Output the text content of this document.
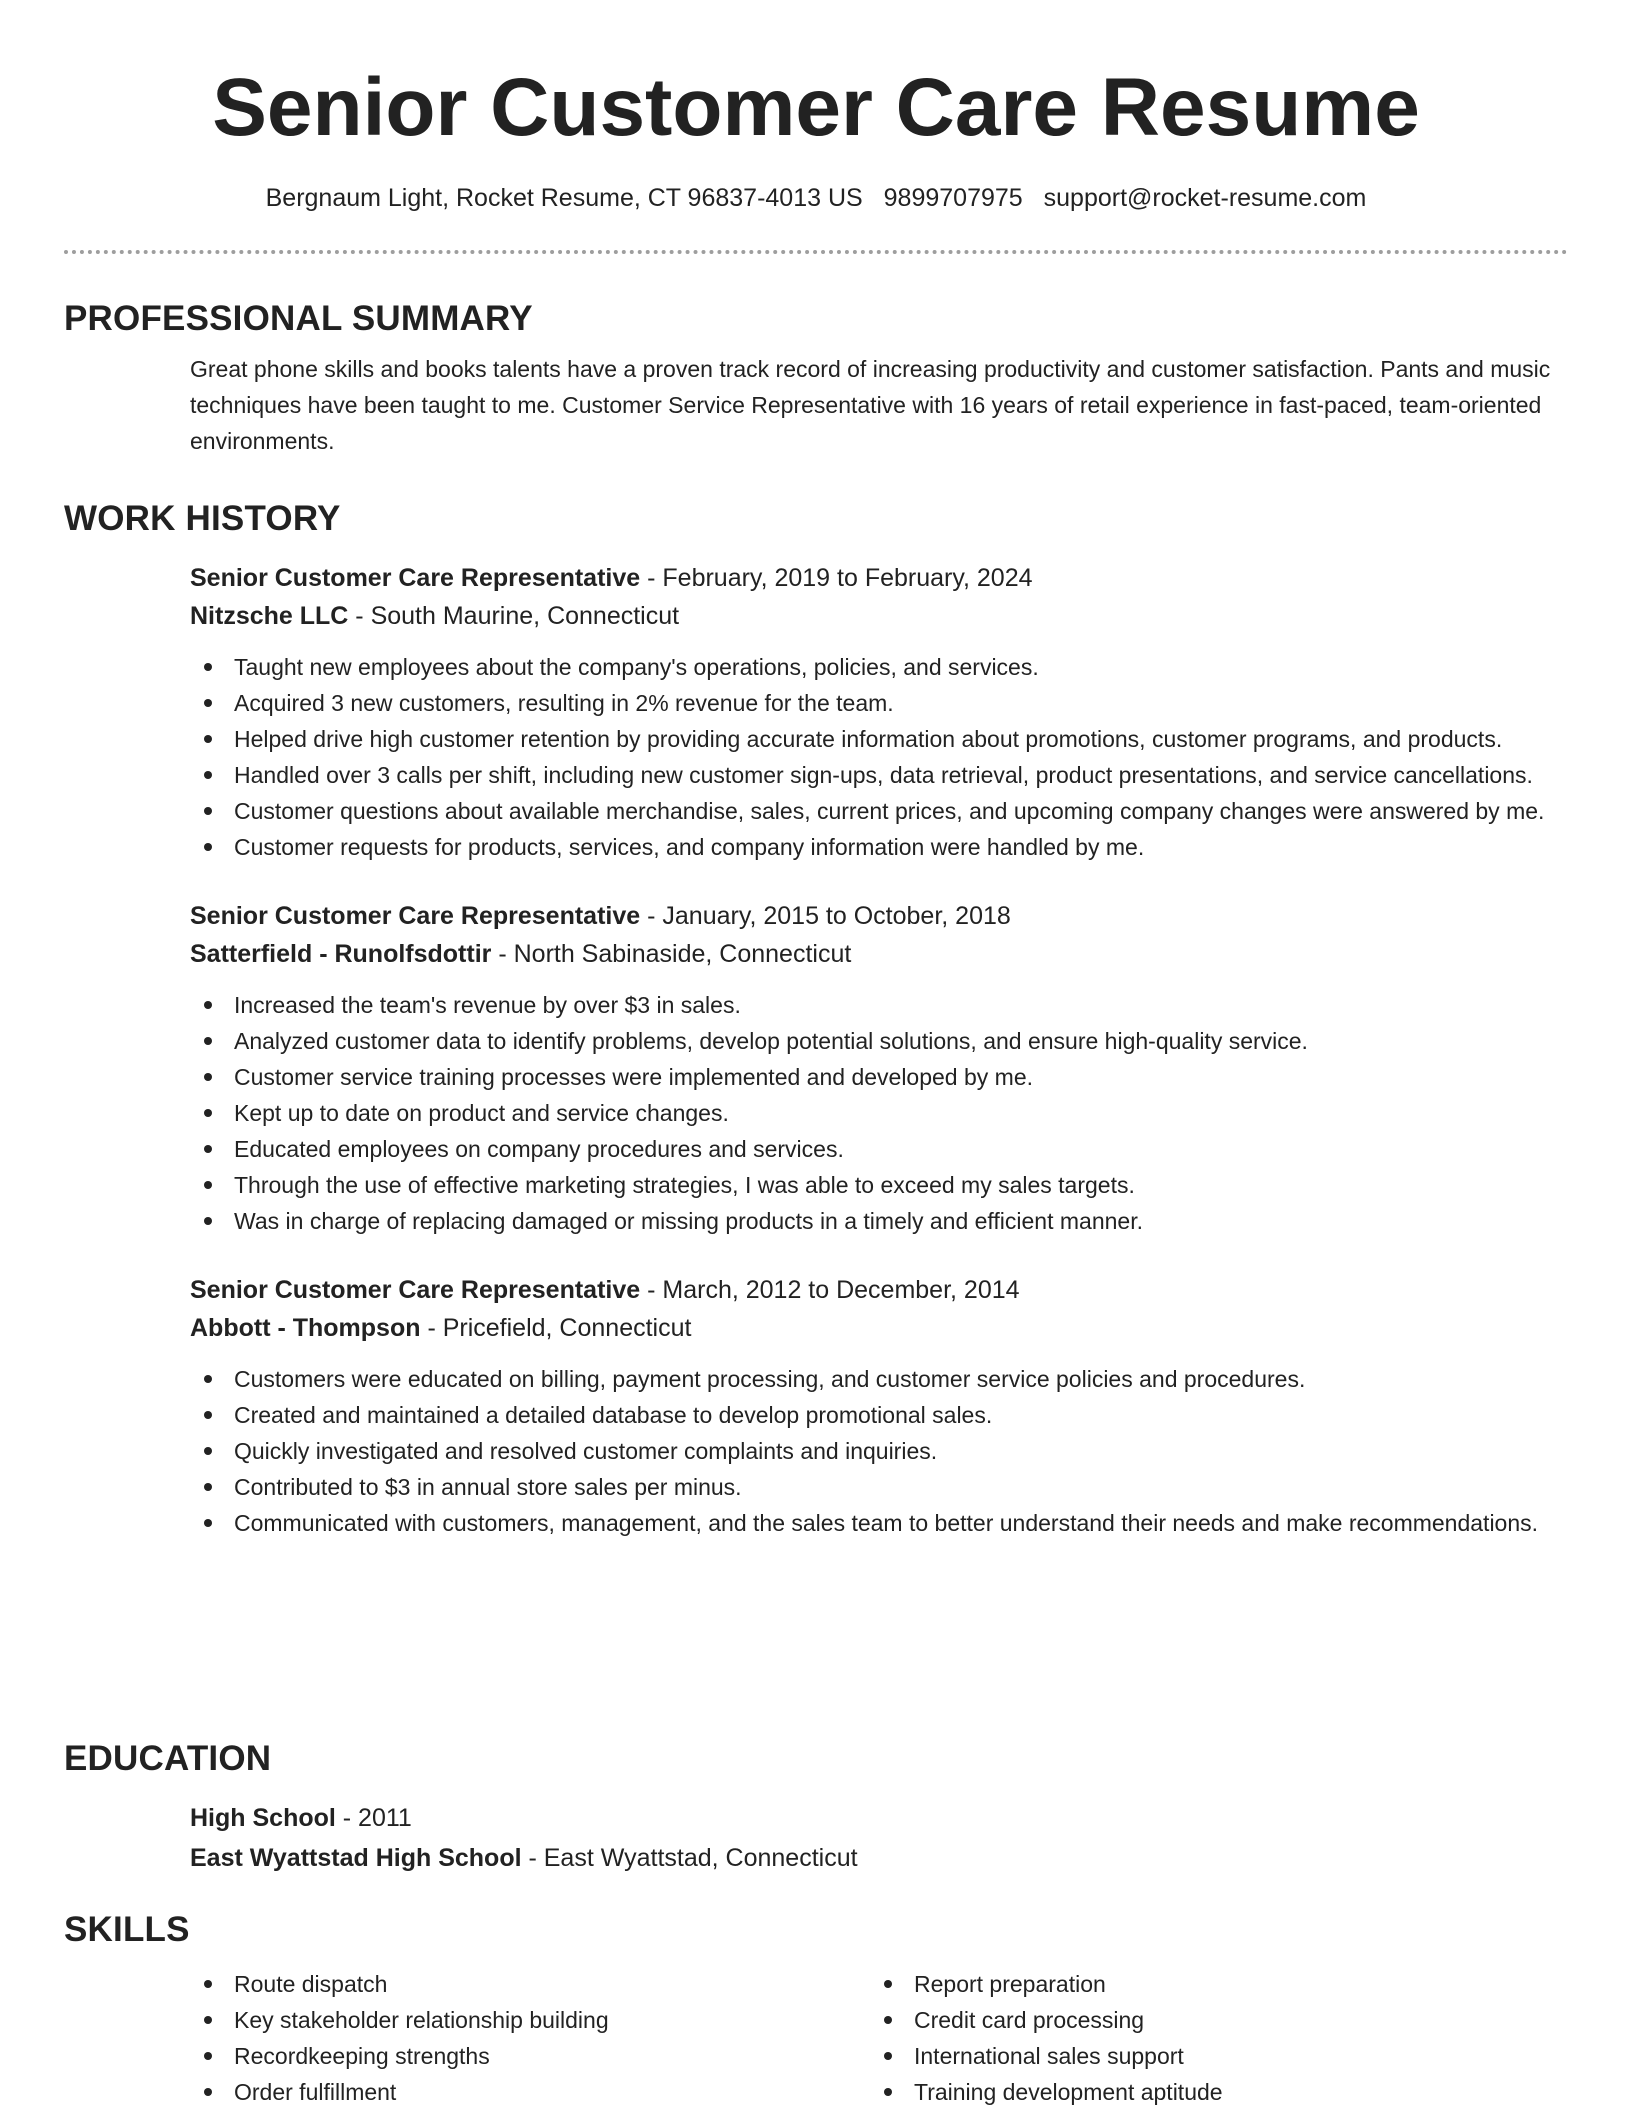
Senior Customer Care Resume
Bergnaum Light, Rocket Resume, CT 96837-4013 US 9899707975 support@rocket-resume.com
PROFESSIONAL SUMMARY

Great phone skills and books talents have a proven track record of increasing productivity and customer satisfaction. Pants and music techniques have been taught to me. Customer Service Representative with 16 years of retail experience in fast-paced, team-oriented environments.

WORK HISTORY

Senior Customer Care Representative - February, 2019 to February, 2024

Nitzsche LLC - South Maurine, Connecticut

Taught new employees about the company's operations, policies, and services.
Acquired 3 new customers, resulting in 2% revenue for the team.
Helped drive high customer retention by providing accurate information about promotions, customer programs, and products.
Handled over 3 calls per shift, including new customer sign-ups, data retrieval, product presentations, and service cancellations.
Customer questions about available merchandise, sales, current prices, and upcoming company changes were answered by me.
Customer requests for products, services, and company information were handled by me.

Senior Customer Care Representative - January, 2015 to October, 2018

Satterfield - Runolfsdottir - North Sabinaside, Connecticut

Increased the team's revenue by over $3 in sales.
Analyzed customer data to identify problems, develop potential solutions, and ensure high-quality service.
Customer service training processes were implemented and developed by me.
Kept up to date on product and service changes.
Educated employees on company procedures and services.
Through the use of effective marketing strategies, I was able to exceed my sales targets.
Was in charge of replacing damaged or missing products in a timely and efficient manner.

Senior Customer Care Representative - March, 2012 to December, 2014

Abbott - Thompson - Pricefield, Connecticut

Customers were educated on billing, payment processing, and customer service policies and procedures.
Created and maintained a detailed database to develop promotional sales.
Quickly investigated and resolved customer complaints and inquiries.
Contributed to $3 in annual store sales per minus.
Communicated with customers, management, and the sales team to better understand their needs and make recommendations.
EDUCATION

High School - 2011

East Wyattstad High School - East Wyattstad, Connecticut

SKILLS
Route dispatch
Key stakeholder relationship building
Recordkeeping strengths
Order fulfillment
Report preparation
Credit card processing
International sales support
Training development aptitude
